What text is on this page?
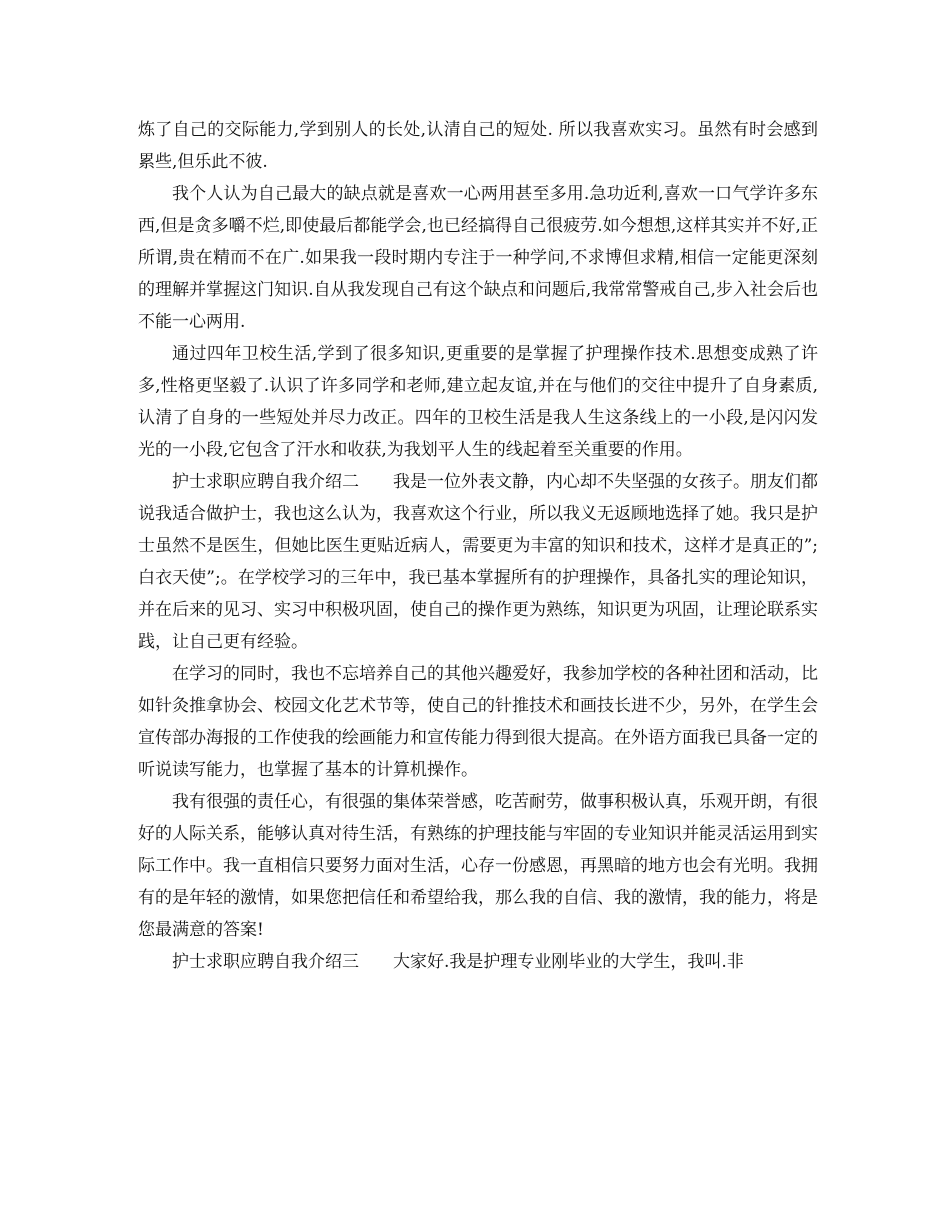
炼了自己的交际能力,学到别人的长处,认清自己的短处. 所以我喜欢实习。虽然有时会感到累些,但乐此不彼.

我个人认为自己最大的缺点就是喜欢一心两用甚至多用.急功近利,喜欢一口气学许多东西,但是贪多嚼不烂,即使最后都能学会,也已经搞得自己很疲劳.如今想想,这样其实并不好,正所谓,贵在精而不在广.如果我一段时期内专注于一种学问,不求博但求精,相信一定能更深刻的理解并掌握这门知识.自从我发现自己有这个缺点和问题后,我常常警戒自己,步入社会后也不能一心两用.

通过四年卫校生活,学到了很多知识,更重要的是掌握了护理操作技术.思想变成熟了许多,性格更坚毅了.认识了许多同学和老师,建立起友谊,并在与他们的交往中提升了自身素质,认清了自身的一些短处并尽力改正。四年的卫校生活是我人生这条线上的一小段,是闪闪发光的一小段,它包含了汗水和收获,为我划平人生的线起着至关重要的作用。

护士求职应聘自我介绍二　　我是一位外表文静，内心却不失坚强的女孩子。朋友们都说我适合做护士，我也这么认为，我喜欢这个行业，所以我义无返顾地选择了她。我只是护士虽然不是医生，但她比医生更贴近病人，需要更为丰富的知识和技术，这样才是真正的”;白衣天使”;。在学校学习的三年中，我已基本掌握所有的护理操作，具备扎实的理论知识，并在后来的见习、实习中积极巩固，使自己的操作更为熟练，知识更为巩固，让理论联系实践，让自己更有经验。

在学习的同时，我也不忘培养自己的其他兴趣爱好，我参加学校的各种社团和活动，比如针灸推拿协会、校园文化艺术节等，使自己的针推技术和画技长进不少，另外，在学生会宣传部办海报的工作使我的绘画能力和宣传能力得到很大提高。在外语方面我已具备一定的听说读写能力，也掌握了基本的计算机操作。

我有很强的责任心，有很强的集体荣誉感，吃苦耐劳，做事积极认真，乐观开朗，有很好的人际关系，能够认真对待生活，有熟练的护理技能与牢固的专业知识并能灵活运用到实际工作中。我一直相信只要努力面对生活，心存一份感恩，再黑暗的地方也会有光明。我拥有的是年轻的激情，如果您把信任和希望给我，那么我的自信、我的激情，我的能力，将是您最满意的答案!

护士求职应聘自我介绍三　　大家好.我是护理专业刚毕业的大学生，我叫.非
